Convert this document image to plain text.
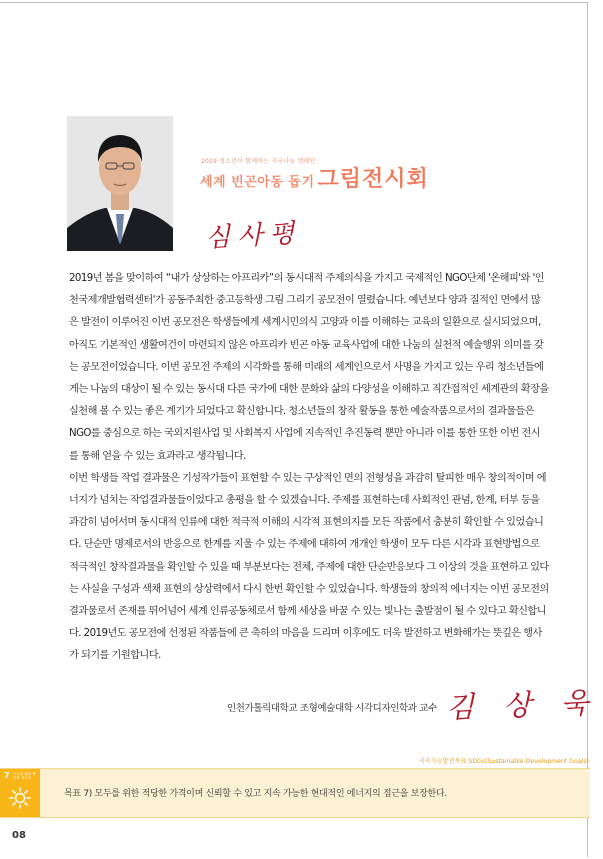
2019 청소년이 함께하는 지구나눔 캠페인
세계 빈곤아동 돕기 그림전시회
심사평

2019년 봄을 맞이하여 “내가 상상하는 아프리카”의 동시대적 주제의식을 가지고 국제적인 NGO단체 '온해피'와 '인천국제개발협력센터'가 공동주최한 중고등학생 그림 그리기 공모전이 열렸습니다. 예년보다 양과 질적인 면에서 많은 발전이 이루어진 이번 공모전은 학생들에게 세계시민의식 고양과 이를 이해하는 교육의 일환으로 실시되었으며, 아직도 기본적인 생활여건이 마련되지 않은 아프리카 빈곤 아동 교육사업에 대한 나눔의 실천적 예술행위 의미를 갖는 공모전이었습니다. 이번 공모전 주제의 시각화를 통해 미래의 세계인으로서 사명을 가지고 있는 우리 청소년들에게는 나눔의 대상이 될 수 있는 동시대 다른 국가에 대한 문화와 삶의 다양성을 이해하고 직간접적인 세계관의 확장을 실천해 볼 수 있는 좋은 계기가 되었다고 확신합니다. 청소년들의 창작 활동을 통한 예술작품으로서의 결과물들은 NGO를 중심으로 하는 국외지원사업 및 사회복지 사업에 지속적인 추진동력 뿐만 아니라 이를 통한 또한 이번 전시를 통해 얻을 수 있는 효과라고 생각됩니다.

이번 학생들 작업 결과물은 기성작가들이 표현할 수 있는 구상적인 면의 전형성을 과감히 탈피한 매우 창의적이며 에너지가 넘치는 작업결과물들이었다고 총평을 할 수 있겠습니다. 주제를 표현하는데 사회적인 관념, 한계, 터부 등을 과감히 넘어서며 동시대적 인류에 대한 적극적 이해의 시각적 표현의지를 모든 작품에서 충분히 확인할 수 있었습니다. 단순만 명제로서의 반응으로 한계를 지울 수 있는 주제에 대하여 개개인 학생이 모두 다른 시각과 표현방법으로 적극적인 창작결과물을 확인할 수 있을 때 부분보다는 전체, 주제에 대한 단순반응보다 그 이상의 것을 표현하고 있다는 사실을 구성과 색채 표현의 상상력에서 다시 한번 확인할 수 있었습니다. 학생들의 창의적 에너지는 이번 공모전의 결과물로서 존재를 뛰어넘어 세계 인류공동체로서 함께 세상을 바꿀 수 있는 빛나는 출발점이 될 수 있다고 확신합니다. 2019년도 공모전에 선정된 작품들에 큰 축하의 마음을 드리며 이후에도 더욱 발전하고 변화해가는 뜻깊은 행사가 되기를 기원합니다.

인천가톨릭대학교 조형예술대학 시각디자인학과 교수 김 상 욱
지속가능발전목표 SDGs(Sustainable Development Goals)
7 모두를 위한 깨끗한 에너지
목표 7) 모두를 위한 적당한 가격이며 신뢰할 수 있고 지속 가능한 현대적인 에너지의 접근을 보장한다.
08
